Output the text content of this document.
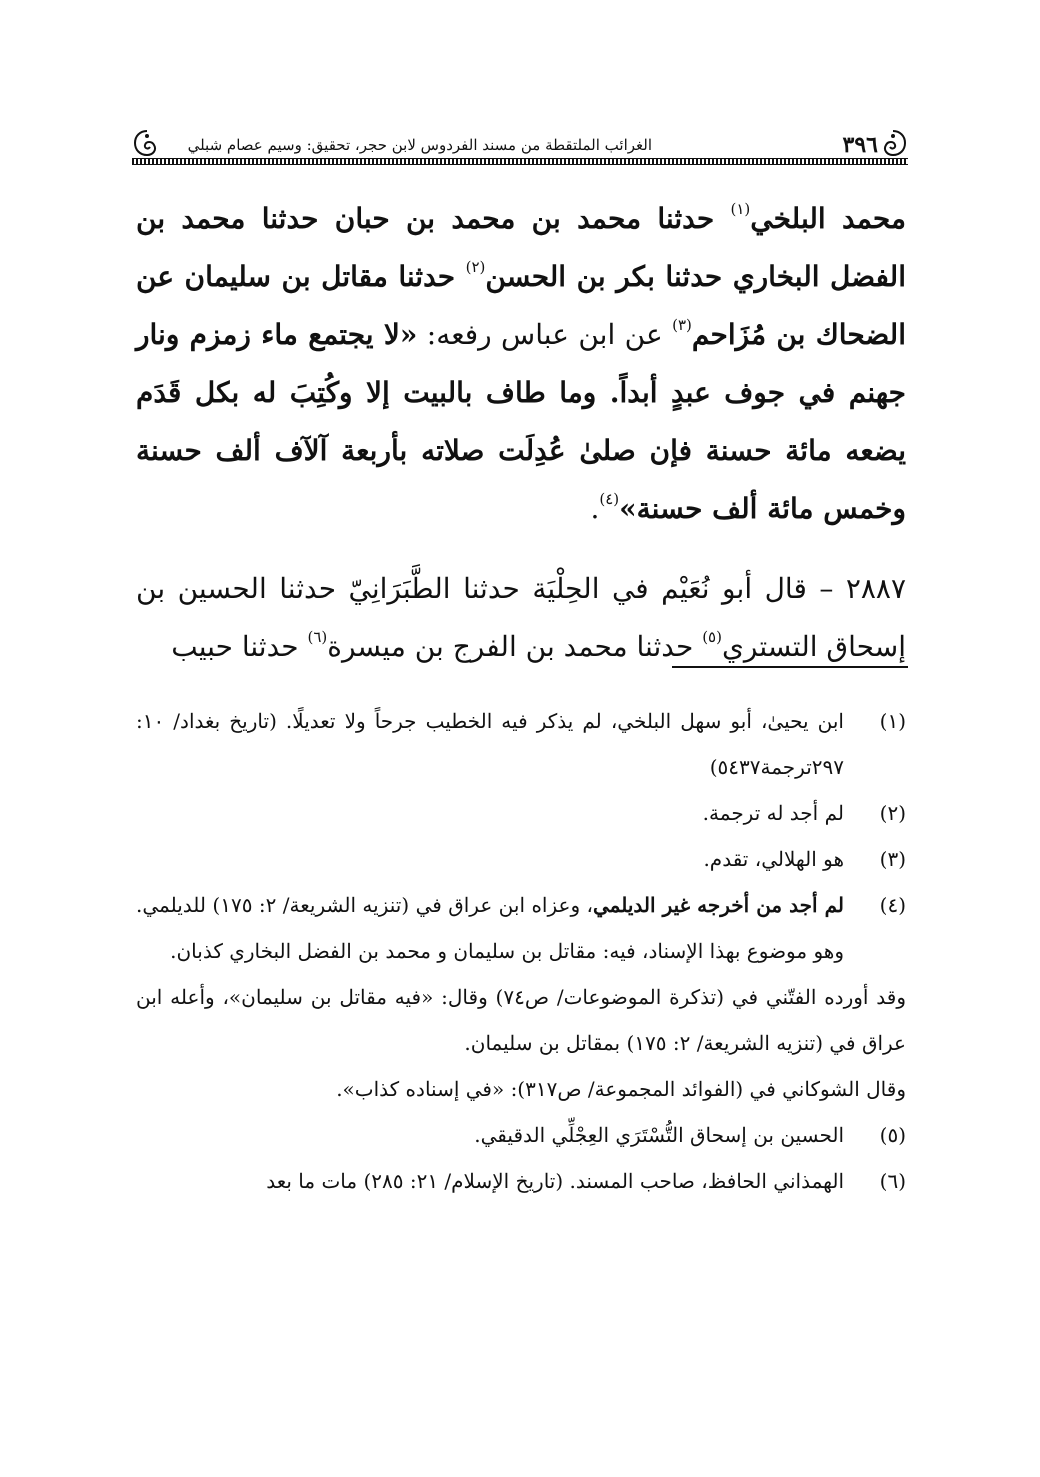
٣٩٦
الغرائب الملتقطة من مسند الفردوس لابن حجر، تحقيق: وسيم عصام شبلي

محمد البلخي$^{(١)}$ حدثنا محمد بن محمد بن حبان حدثنا محمد بن الفضل البخاري حدثنا بكر بن الحسن$^{(٢)}$ حدثنا مقاتل بن سليمان عن الضحاك بن مُزَاحم$^{(٣)}$ عن ابن عباس رفعه: «لا يجتمع ماء زمزم ونار جهنم في جوف عبدٍ أبداً. وما طاف بالبيت إلا وكُتِبَ له بكل قَدَم يضعه مائة حسنة فإن صلىٰ عُدِلَت صلاته بأربعة آلآف ألف حسنة وخمس مائة ألف حسنة»$^{(٤)}$.

٢٨٨٧ – قال أبو نُعَيْم في الحِلْيَة حدثنا الطَّبَرَانِيّ حدثنا الحسين بن إسحاق التستري$^{(٥)}$ حدثنا محمد بن الفرج بن ميسرة$^{(٦)}$ حدثنا حبيب

(١)
ابن يحيىٰ، أبو سهل البلخي، لم يذكر فيه الخطيب جرحاً ولا تعديلًا. (تاريخ بغداد/ ١٠: ٢٩٧ترجمة٥٤٣٧)
(٢)
لم أجد له ترجمة.
(٣)
هو الهلالي، تقدم.
(٤)
لم أجد من أخرجه غير الديلمي، وعزاه ابن عراق في (تنزيه الشريعة/ ٢: ١٧٥) للديلمي. وهو موضوع بهذا الإسناد، فيه: مقاتل بن سليمان و محمد بن الفضل البخاري كذبان.
وقد أورده الفتّني في (تذكرة الموضوعات/ ص٧٤) وقال: «فيه مقاتل بن سليمان»، وأعله ابن عراق في (تنزيه الشريعة/ ٢: ١٧٥) بمقاتل بن سليمان.
وقال الشوكاني في (الفوائد المجموعة/ ص٣١٧): «في إسناده كذاب».
(٥)
الحسين بن إسحاق التُّسْتَرَي العِجْلِّي الدقيقي.
(٦)
الهمذاني الحافظ، صاحب المسند. (تاريخ الإسلام/ ٢١: ٢٨٥) مات ما بعد
